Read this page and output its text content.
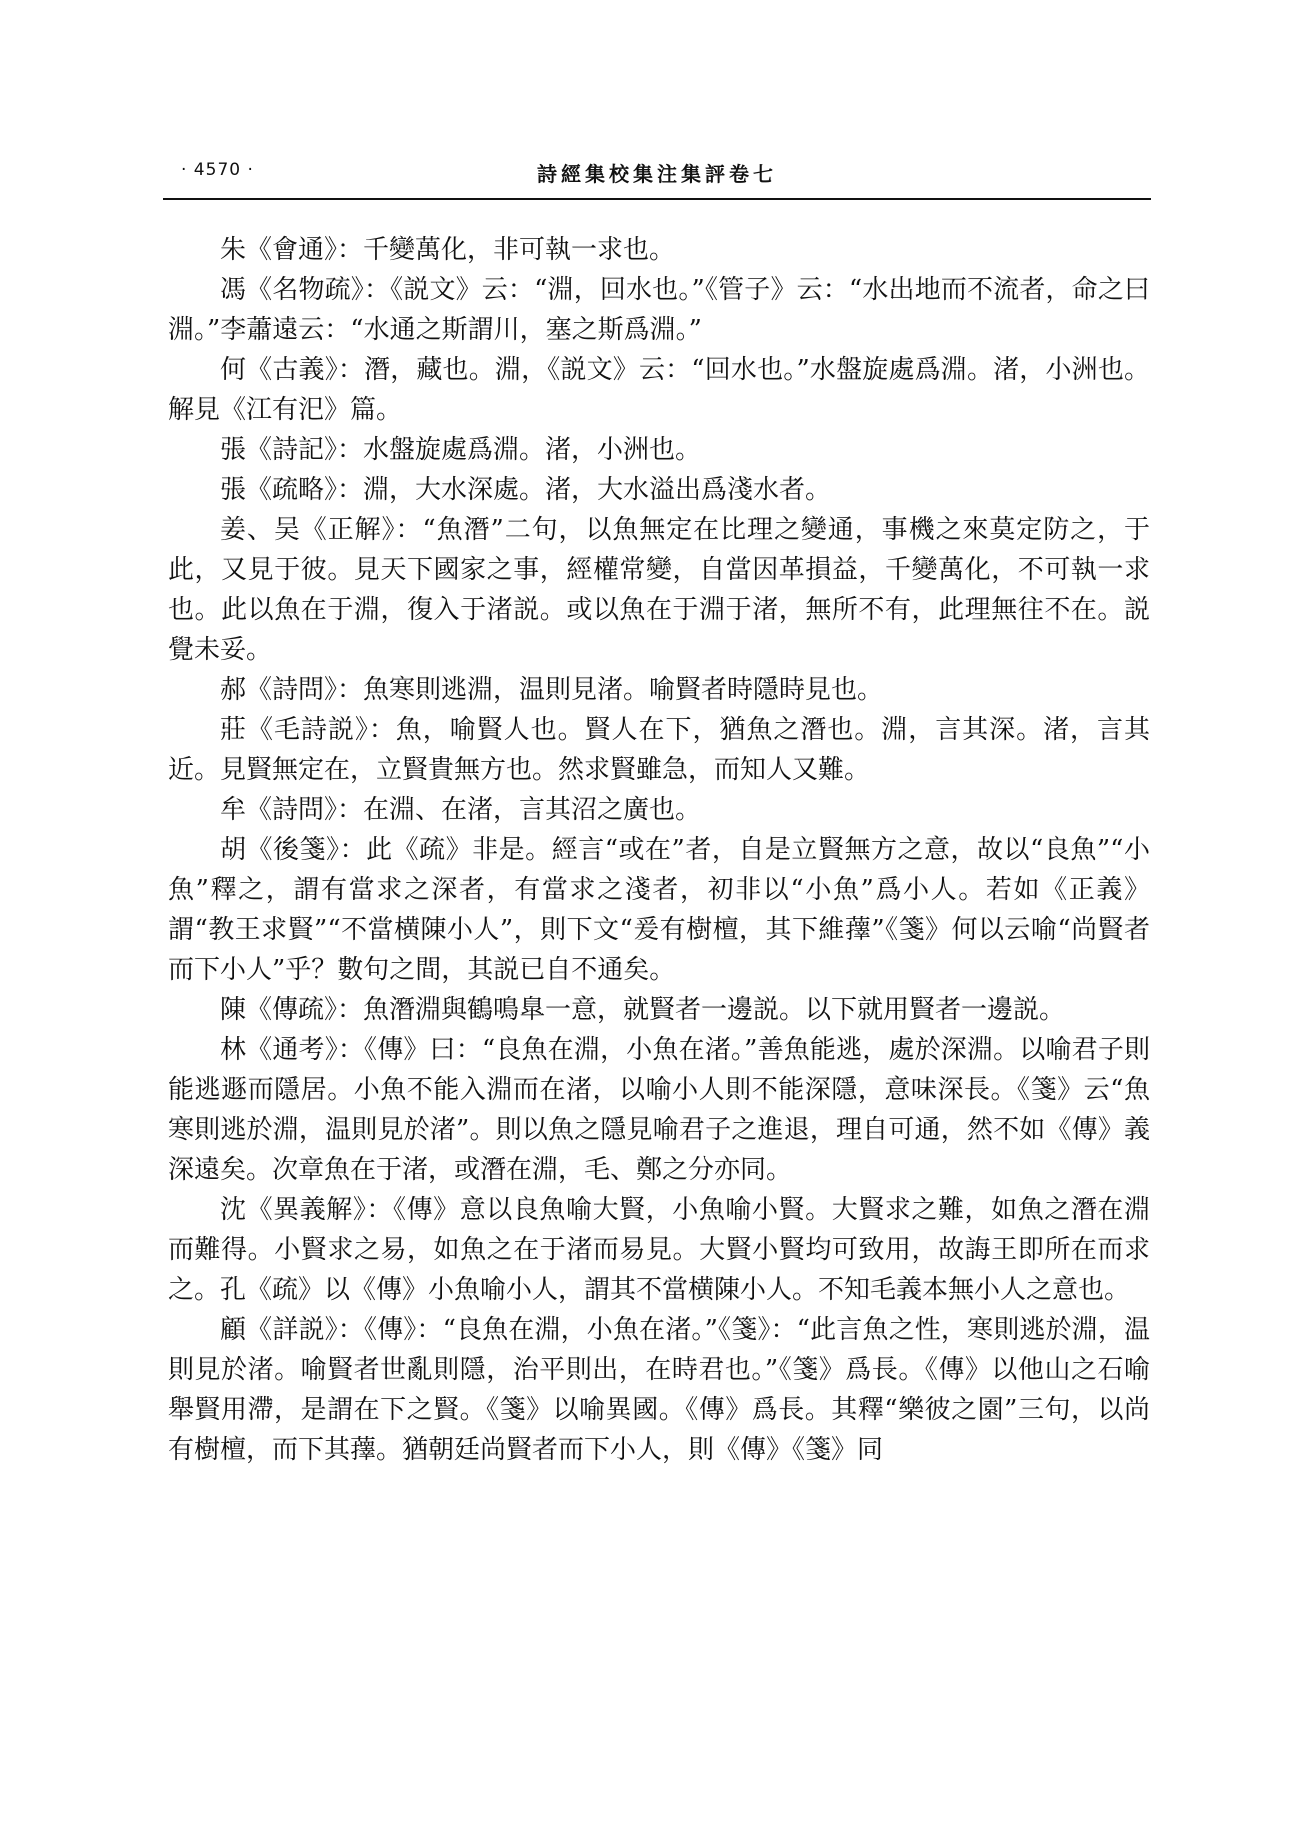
· 4570 ·	詩經集校集注集評卷七

朱《會通》：千變萬化，非可執一求也。

馮《名物疏》：《説文》云：“淵，回水也。”《管子》云：“水出地而不流者，命之曰淵。”李蕭遠云：“水通之斯謂川，塞之斯爲淵。”

何《古義》：潛，藏也。淵，《説文》云：“回水也。”水盤旋處爲淵。渚，小洲也。解見《江有汜》篇。

張《詩記》：水盤旋處爲淵。渚，小洲也。

張《疏略》：淵，大水深處。渚，大水溢出爲淺水者。

姜、吴《正解》：“魚潛”二句，以魚無定在比理之變通，事機之來莫定防之，于此，又見于彼。見天下國家之事，經權常變，自當因革損益，千變萬化，不可執一求也。此以魚在于淵，復入于渚説。或以魚在于淵于渚，無所不有，此理無往不在。説覺未妥。

郝《詩問》：魚寒則逃淵，温則見渚。喻賢者時隱時見也。

莊《毛詩説》：魚，喻賢人也。賢人在下，猶魚之潛也。淵，言其深。渚，言其近。見賢無定在，立賢貴無方也。然求賢雖急，而知人又難。

牟《詩問》：在淵、在渚，言其沼之廣也。

胡《後箋》：此《疏》非是。經言“或在”者，自是立賢無方之意，故以“良魚”“小魚”釋之，謂有當求之深者，有當求之淺者，初非以“小魚”爲小人。若如《正義》謂“教王求賢”“不當横陳小人”，則下文“爰有樹檀，其下維蘀”《箋》何以云喻“尚賢者而下小人”乎？數句之間，其説已自不通矣。

陳《傳疏》：魚潛淵與鶴鳴臯一意，就賢者一邊説。以下就用賢者一邊説。

林《通考》：《傳》曰：“良魚在淵，小魚在渚。”善魚能逃，處於深淵。以喻君子則能逃遯而隱居。小魚不能入淵而在渚，以喻小人則不能深隱，意味深長。《箋》云“魚寒則逃於淵，温則見於渚”。則以魚之隱見喻君子之進退，理自可通，然不如《傳》義深遠矣。次章魚在于渚，或潛在淵，毛、鄭之分亦同。

沈《異義解》：《傳》意以良魚喻大賢，小魚喻小賢。大賢求之難，如魚之潛在淵而難得。小賢求之易，如魚之在于渚而易見。大賢小賢均可致用，故誨王即所在而求之。孔《疏》以《傳》小魚喻小人，謂其不當横陳小人。不知毛義本無小人之意也。

顧《詳説》：《傳》：“良魚在淵，小魚在渚。”《箋》：“此言魚之性，寒則逃於淵，温則見於渚。喻賢者世亂則隱，治平則出，在時君也。”《箋》爲長。《傳》以他山之石喻舉賢用滯，是謂在下之賢。《箋》以喻異國。《傳》爲長。其釋“樂彼之園”三句，以尚有樹檀，而下其蘀。猶朝廷尚賢者而下小人，則《傳》《箋》同
